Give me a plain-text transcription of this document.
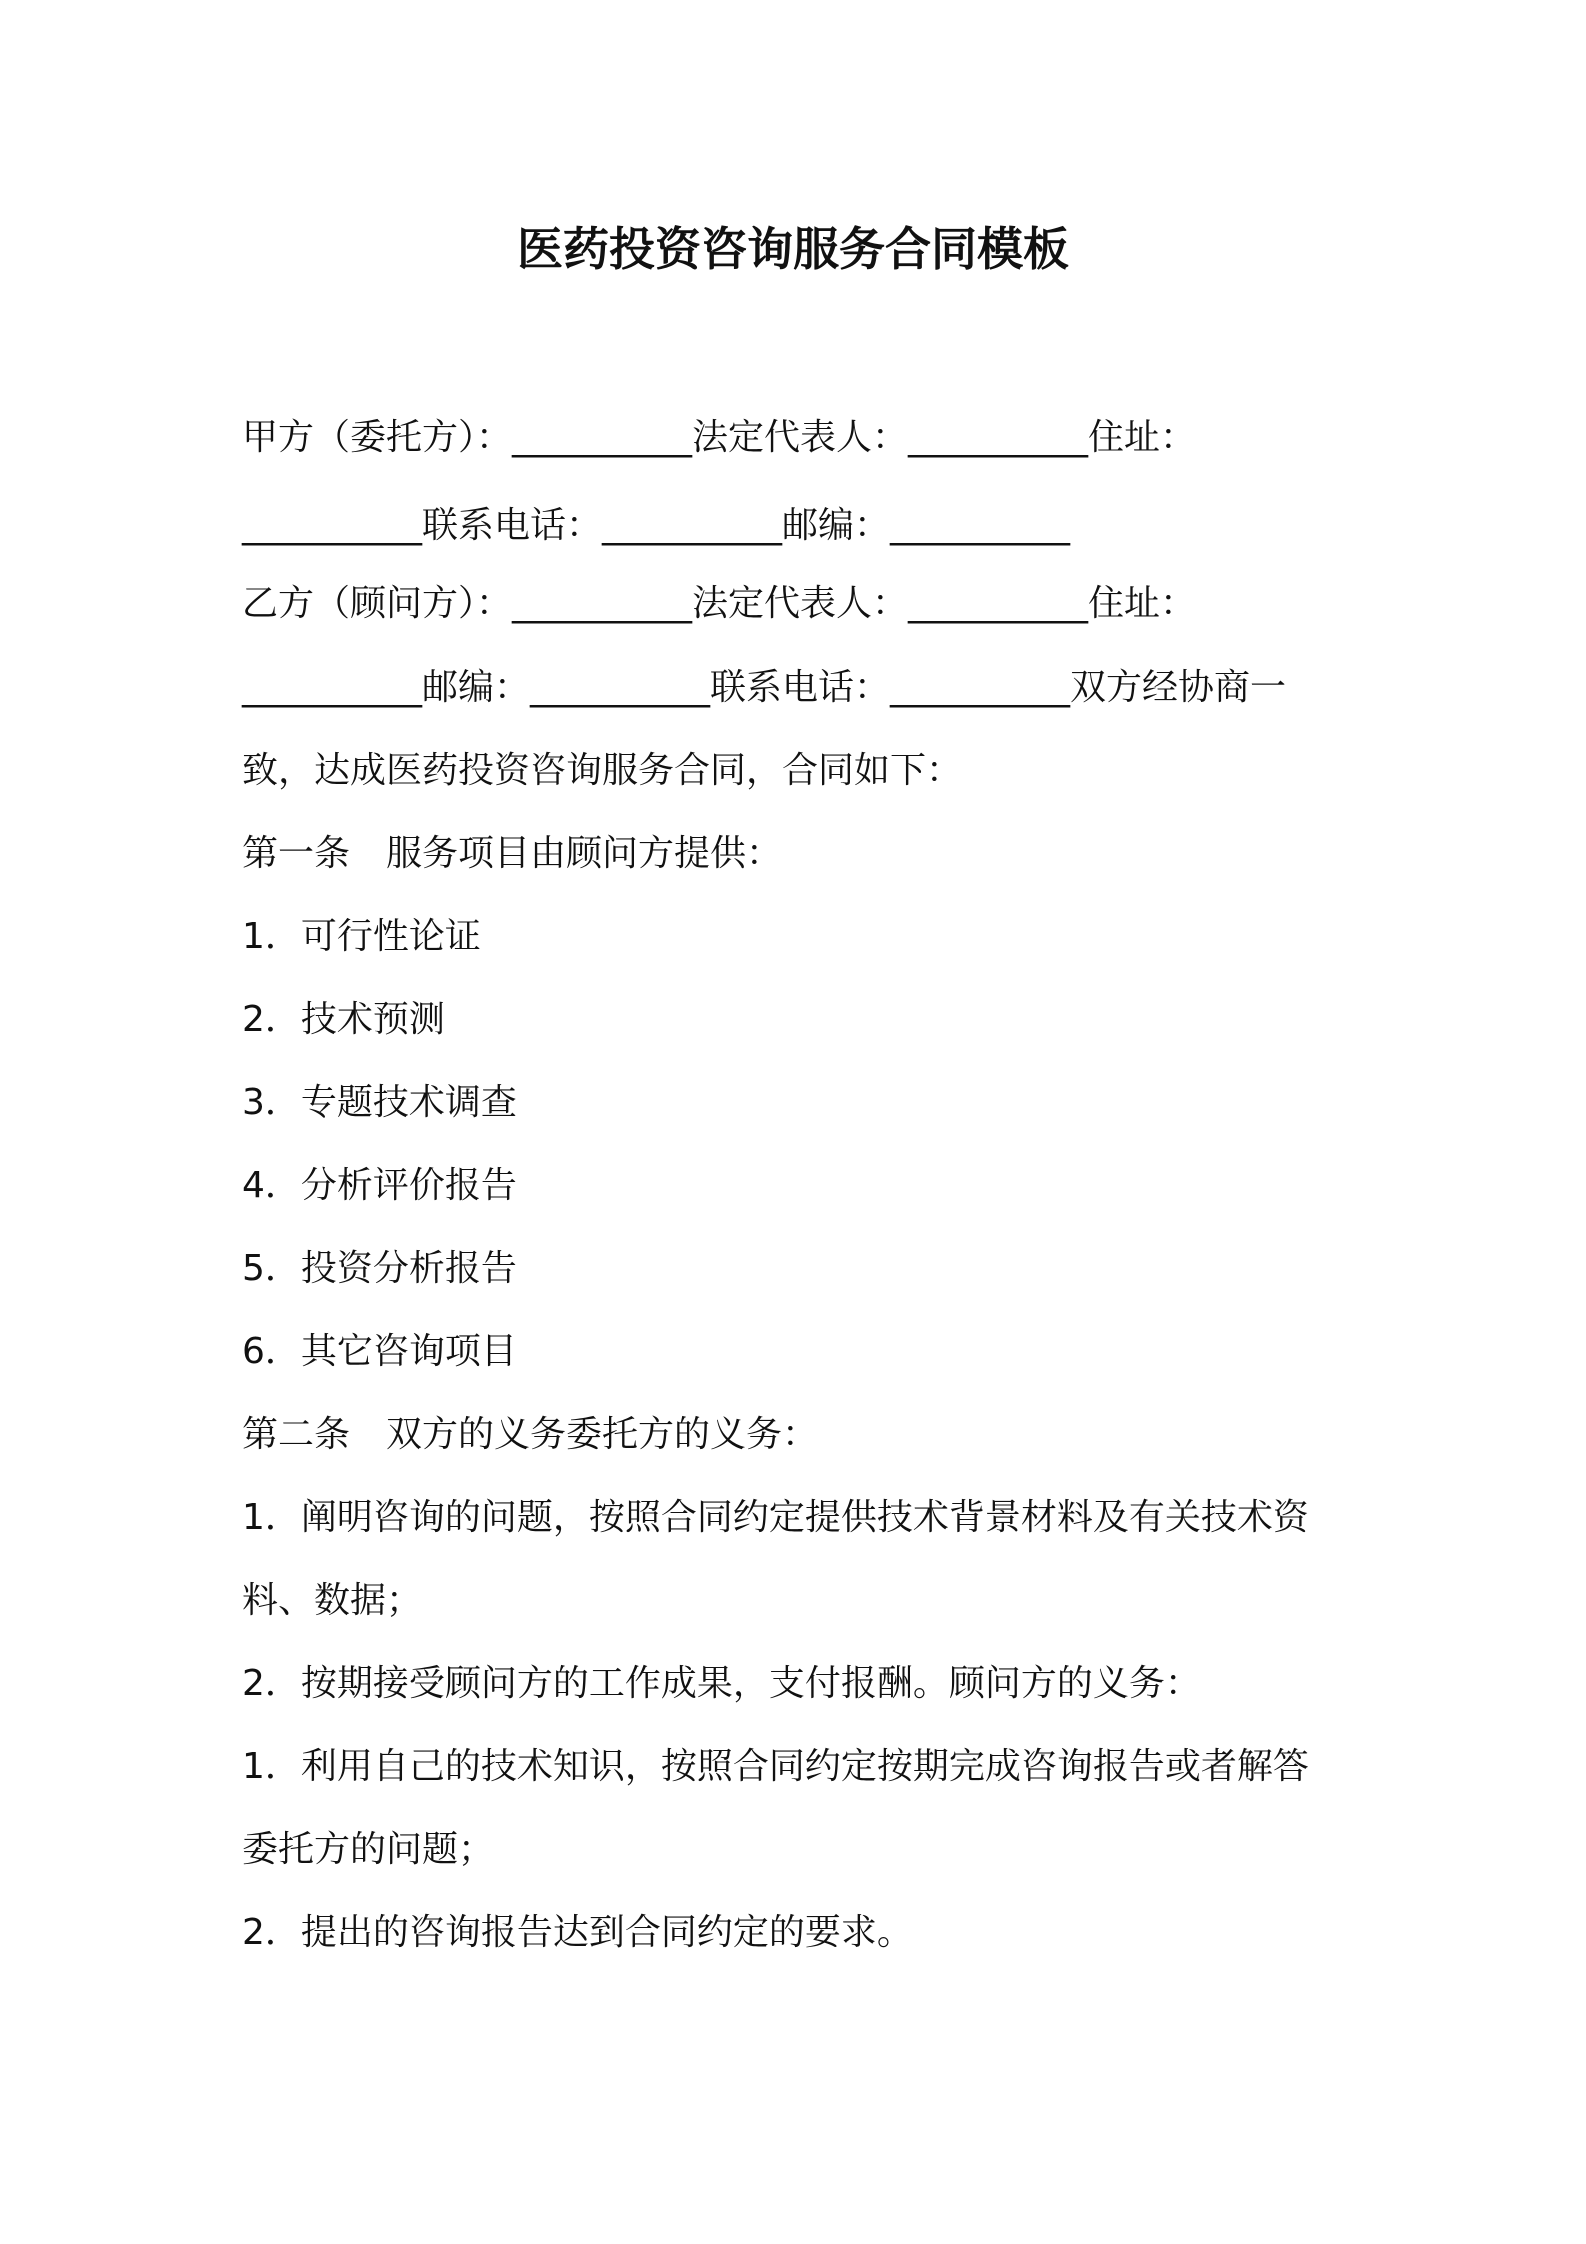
医药投资咨询服务合同模板

甲方（委托方）：__________法定代表人：__________住址：

__________联系电话：__________邮编：__________

乙方（顾问方）：__________法定代表人：__________住址：

__________邮编：__________联系电话：__________双方经协商一

致，达成医药投资咨询服务合同，合同如下：

第一条　服务项目由顾问方提供：

1．可行性论证

2．技术预测

3．专题技术调查

4．分析评价报告

5．投资分析报告

6．其它咨询项目

第二条　双方的义务委托方的义务：

1．阐明咨询的问题，按照合同约定提供技术背景材料及有关技术资

料、数据；

2．按期接受顾问方的工作成果，支付报酬。顾问方的义务：

1．利用自己的技术知识，按照合同约定按期完成咨询报告或者解答

委托方的问题；

2．提出的咨询报告达到合同约定的要求。
